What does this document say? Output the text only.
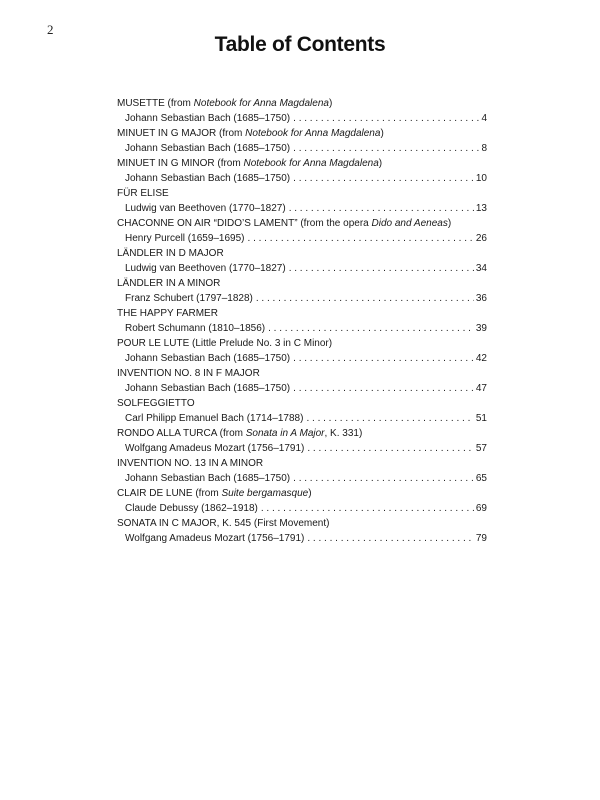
2
Table of Contents
MUSETTE (from Notebook for Anna Magdalena)
Johann Sebastian Bach (1685–1750) . . .	4
MINUET IN G MAJOR (from Notebook for Anna Magdalena)
Johann Sebastian Bach (1685–1750) . . .	8
MINUET IN G MINOR (from Notebook for Anna Magdalena)
Johann Sebastian Bach (1685–1750) . . .	10
FÜR ELISE
Ludwig van Beethoven (1770–1827) . . .	13
CHACONNE ON AIR “DIDO’S LAMENT” (from the opera Dido and Aeneas)
Henry Purcell (1659–1695) . . .	26
LÄNDLER IN D MAJOR
Ludwig van Beethoven (1770–1827) . . .	34
LÄNDLER IN A MINOR
Franz Schubert (1797–1828) . . .	36
THE HAPPY FARMER
Robert Schumann (1810–1856) . . .	39
POUR LE LUTE (Little Prelude No. 3 in C Minor)
Johann Sebastian Bach (1685–1750) . . .	42
INVENTION NO. 8 IN F MAJOR
Johann Sebastian Bach (1685–1750) . . .	47
SOLFEGGIETTO
Carl Philipp Emanuel Bach (1714–1788) . . .	51
RONDO ALLA TURCA (from Sonata in A Major, K. 331)
Wolfgang Amadeus Mozart (1756–1791) . . .	57
INVENTION NO. 13 IN A MINOR
Johann Sebastian Bach (1685–1750) . . .	65
CLAIR DE LUNE (from Suite bergamasque)
Claude Debussy (1862–1918) . . .	69
SONATA IN C MAJOR, K. 545 (First Movement)
Wolfgang Amadeus Mozart (1756–1791) . . .	79
